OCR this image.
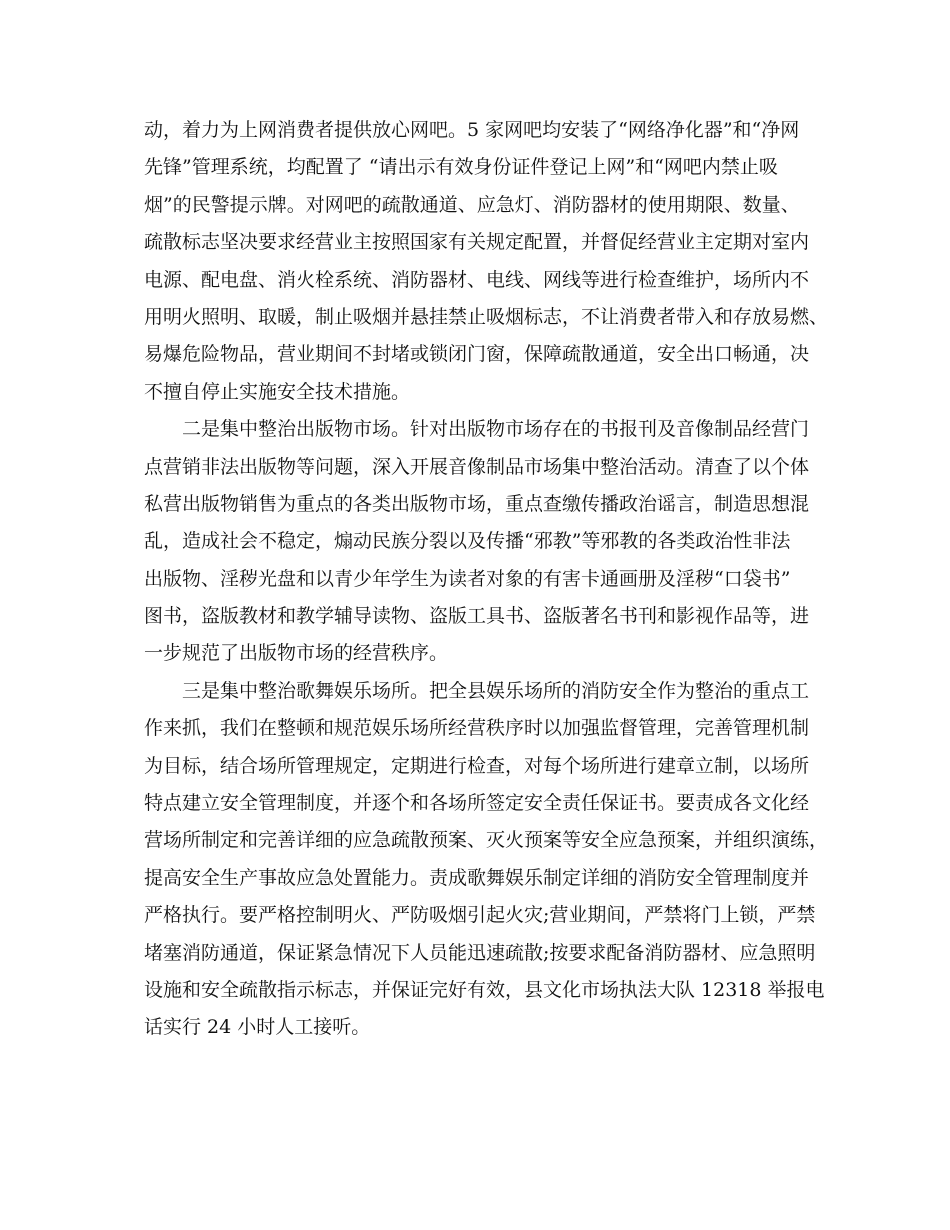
动，着力为上网消费者提供放心网吧。5 家网吧均安装了“网络净化器”和“净网
先锋”管理系统，均配置了 “请出示有效身份证件登记上网”和“网吧内禁止吸
烟”的民警提示牌。对网吧的疏散通道、应急灯、消防器材的使用期限、数量、
疏散标志坚决要求经营业主按照国家有关规定配置，并督促经营业主定期对室内
电源、配电盘、消火栓系统、消防器材、电线、网线等进行检查维护，场所内不
用明火照明、取暖，制止吸烟并悬挂禁止吸烟标志，不让消费者带入和存放易燃、
易爆危险物品，营业期间不封堵或锁闭门窗，保障疏散通道，安全出口畅通，决
不擅自停止实施安全技术措施。
二是集中整治出版物市场。针对出版物市场存在的书报刊及音像制品经营门
点营销非法出版物等问题，深入开展音像制品市场集中整治活动。清查了以个体
私营出版物销售为重点的各类出版物市场，重点查缴传播政治谣言，制造思想混
乱，造成社会不稳定，煽动民族分裂以及传播“邪教”等邪教的各类政治性非法
出版物、淫秽光盘和以青少年学生为读者对象的有害卡通画册及淫秽“口袋书”
图书，盗版教材和教学辅导读物、盗版工具书、盗版著名书刊和影视作品等，进
一步规范了出版物市场的经营秩序。
三是集中整治歌舞娱乐场所。把全县娱乐场所的消防安全作为整治的重点工
作来抓，我们在整顿和规范娱乐场所经营秩序时以加强监督管理，完善管理机制
为目标，结合场所管理规定，定期进行检查，对每个场所进行建章立制，以场所
特点建立安全管理制度，并逐个和各场所签定安全责任保证书。要责成各文化经
营场所制定和完善详细的应急疏散预案、灭火预案等安全应急预案，并组织演练，
提高安全生产事故应急处置能力。责成歌舞娱乐制定详细的消防安全管理制度并
严格执行。要严格控制明火、严防吸烟引起火灾;营业期间，严禁将门上锁，严禁
堵塞消防通道，保证紧急情况下人员能迅速疏散;按要求配备消防器材、应急照明
设施和安全疏散指示标志，并保证完好有效，县文化市场执法大队 12318 举报电
话实行 24 小时人工接听。
